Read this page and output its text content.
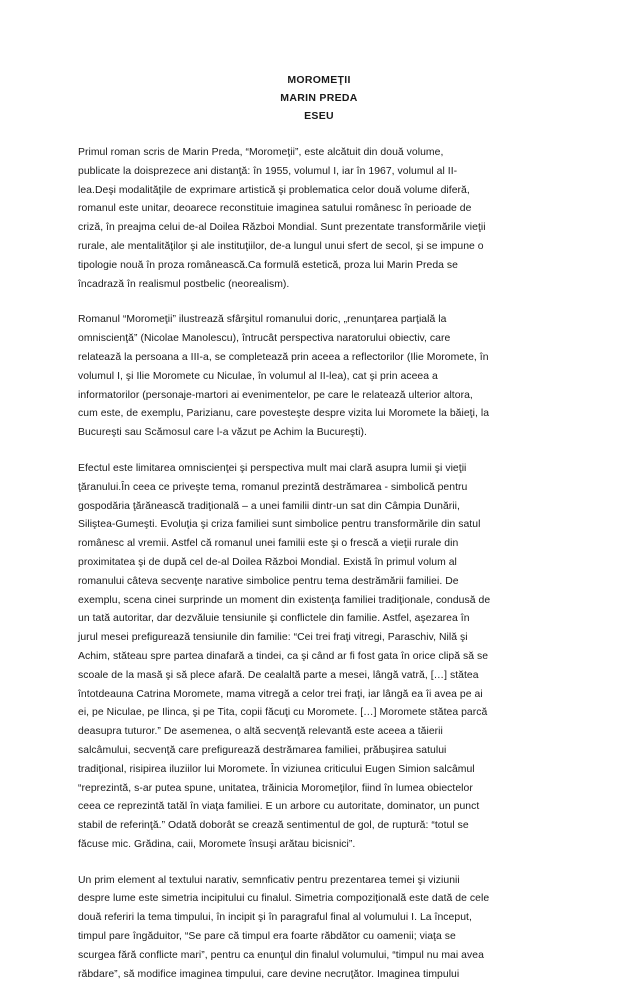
MOROMEŢII
MARIN PREDA
ESEU

Primul roman scris de Marin Preda, “Moromeţii”, este alcătuit din două volume,
publicate la doisprezece ani distanţă: în 1955, volumul I, iar în 1967, volumul al II-
lea.Deşi modalităţile de exprimare artistică şi problematica celor două volume diferă,
romanul este unitar, deoarece reconstituie imaginea satului românesc în perioade de
criză, în preajma celui de-al Doilea Război Mondial. Sunt prezentate transformările vieţii
rurale, ale mentalităţilor şi ale instituţiilor, de-a lungul unui sfert de secol, şi se impune o
tipologie nouă în proza românească.Ca formulă estetică, proza lui Marin Preda se
încadrază în realismul postbelic (neorealism).

Romanul “Moromeţii” ilustrează sfârşitul romanului doric, „renunţarea parţială la
omniscienţă” (Nicolae Manolescu), întrucât perspectiva naratorului obiectiv, care
relatează la persoana a III-a, se completează prin aceea a reflectorilor (Ilie Moromete, în
volumul I, şi Ilie Moromete cu Niculae, în volumul al II-lea), cat şi prin aceea a
informatorilor (personaje-martori ai evenimentelor, pe care le relatează ulterior altora,
cum este, de exemplu, Parizianu, care povesteşte despre vizita lui Moromete la băieţi, la
Bucureşti sau Scămosul care l-a văzut pe Achim la Bucureşti).

Efectul este limitarea omniscienţei şi perspectiva mult mai clară asupra lumii şi vieţii
ţăranului.În ceea ce priveşte tema, romanul prezintă destrămarea - simbolică pentru
gospodăria ţărănească tradiţională – a unei familii dintr-un sat din Câmpia Dunării,
Siliştea-Gumeşti. Evoluţia şi criza familiei sunt simbolice pentru transformările din satul
românesc al vremii. Astfel că romanul unei familii este şi o frescă a vieţii rurale din
proximitatea şi de după cel de-al Doilea Război Mondial. Există în primul volum al
romanului câteva secvenţe narative simbolice pentru tema destrămării familiei. De
exemplu, scena cinei surprinde un moment din existenţa familiei tradiţionale, condusă de
un tată autoritar, dar dezvăluie tensiunile şi conflictele din familie. Astfel, aşezarea în
jurul mesei prefigurează tensiunile din familie: “Cei trei fraţi vitregi, Paraschiv, Nilă şi
Achim, stăteau spre partea dinafară a tindei, ca şi când ar fi fost gata în orice clipă să se
scoale de la masă şi să plece afară. De cealaltă parte a mesei, lângă vatră, […] stătea
întotdeauna Catrina Moromete, mama vitregă a celor trei fraţi, iar lângă ea îi avea pe ai
ei, pe Niculae, pe Ilinca, şi pe Tita, copii făcuţi cu Moromete. […] Moromete stătea parcă
deasupra tuturor.” De asemenea, o altă secvenţă relevantă este aceea a tăierii
salcâmului, secvenţă care prefigurează destrămarea familiei, prăbuşirea satului
tradiţional, risipirea iluziilor lui Moromete. În viziunea criticului Eugen Simion salcâmul
“reprezintă, s-ar putea spune, unitatea, trăinicia Moromeţilor, fiind în lumea obiectelor
ceea ce reprezintă tatăl în viaţa familiei. E un arbore cu autoritate, dominator, un punct
stabil de referinţă.” Odată doborât se crează sentimentul de gol, de ruptură: “totul se
făcuse mic. Grădina, caii, Moromete însuşi arătau bicisnici”.

Un prim element al textului narativ, semnficativ pentru prezentarea temei şi viziunii
despre lume este simetria incipitului cu finalul. Simetria compoziţională este dată de cele
două referiri la tema timpului, în incipit şi în paragraful final al volumului I. La început,
timpul pare îngăduitor, “Se pare că timpul era foarte răbdător cu oamenii; viaţa se
scurgea fără conflicte mari”, pentru ca enunţul din finalul volumului, “timpul nu mai avea
răbdare”, să modifice imaginea timpului, care devine necruţător. Imaginea timpului
